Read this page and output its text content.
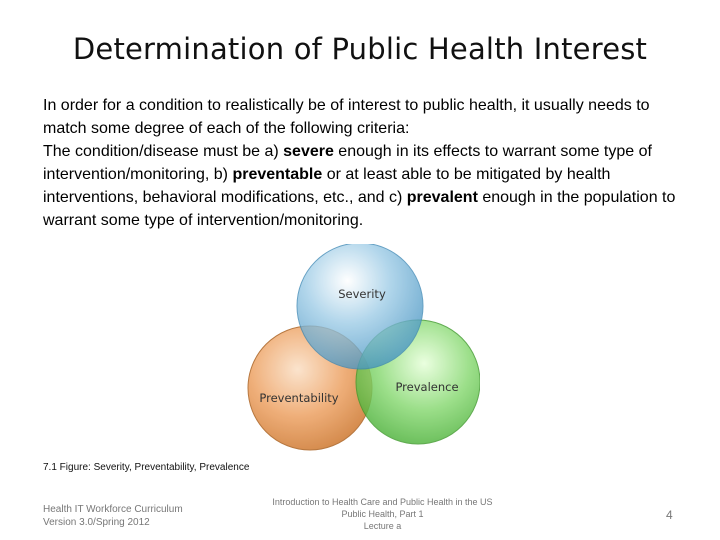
Determination of Public Health Interest

In order for a condition to realistically be of interest to public health, it usually needs to match some degree of each of the following criteria:

The condition/disease must be a) severe enough in its effects to warrant some type of intervention/monitoring, b) preventable or at least able to be mitigated by health interventions, behavioral modifications, etc., and c) prevalent enough in the population to warrant some type of intervention/monitoring.

Severity
Preventability
Prevalence
7.1 Figure: Severity, Preventability, Prevalence
Health IT Workforce Curriculum
Version 3.0/Spring 2012
Introduction to Health Care and Public Health in the US
Public Health, Part 1
Lecture a
4
